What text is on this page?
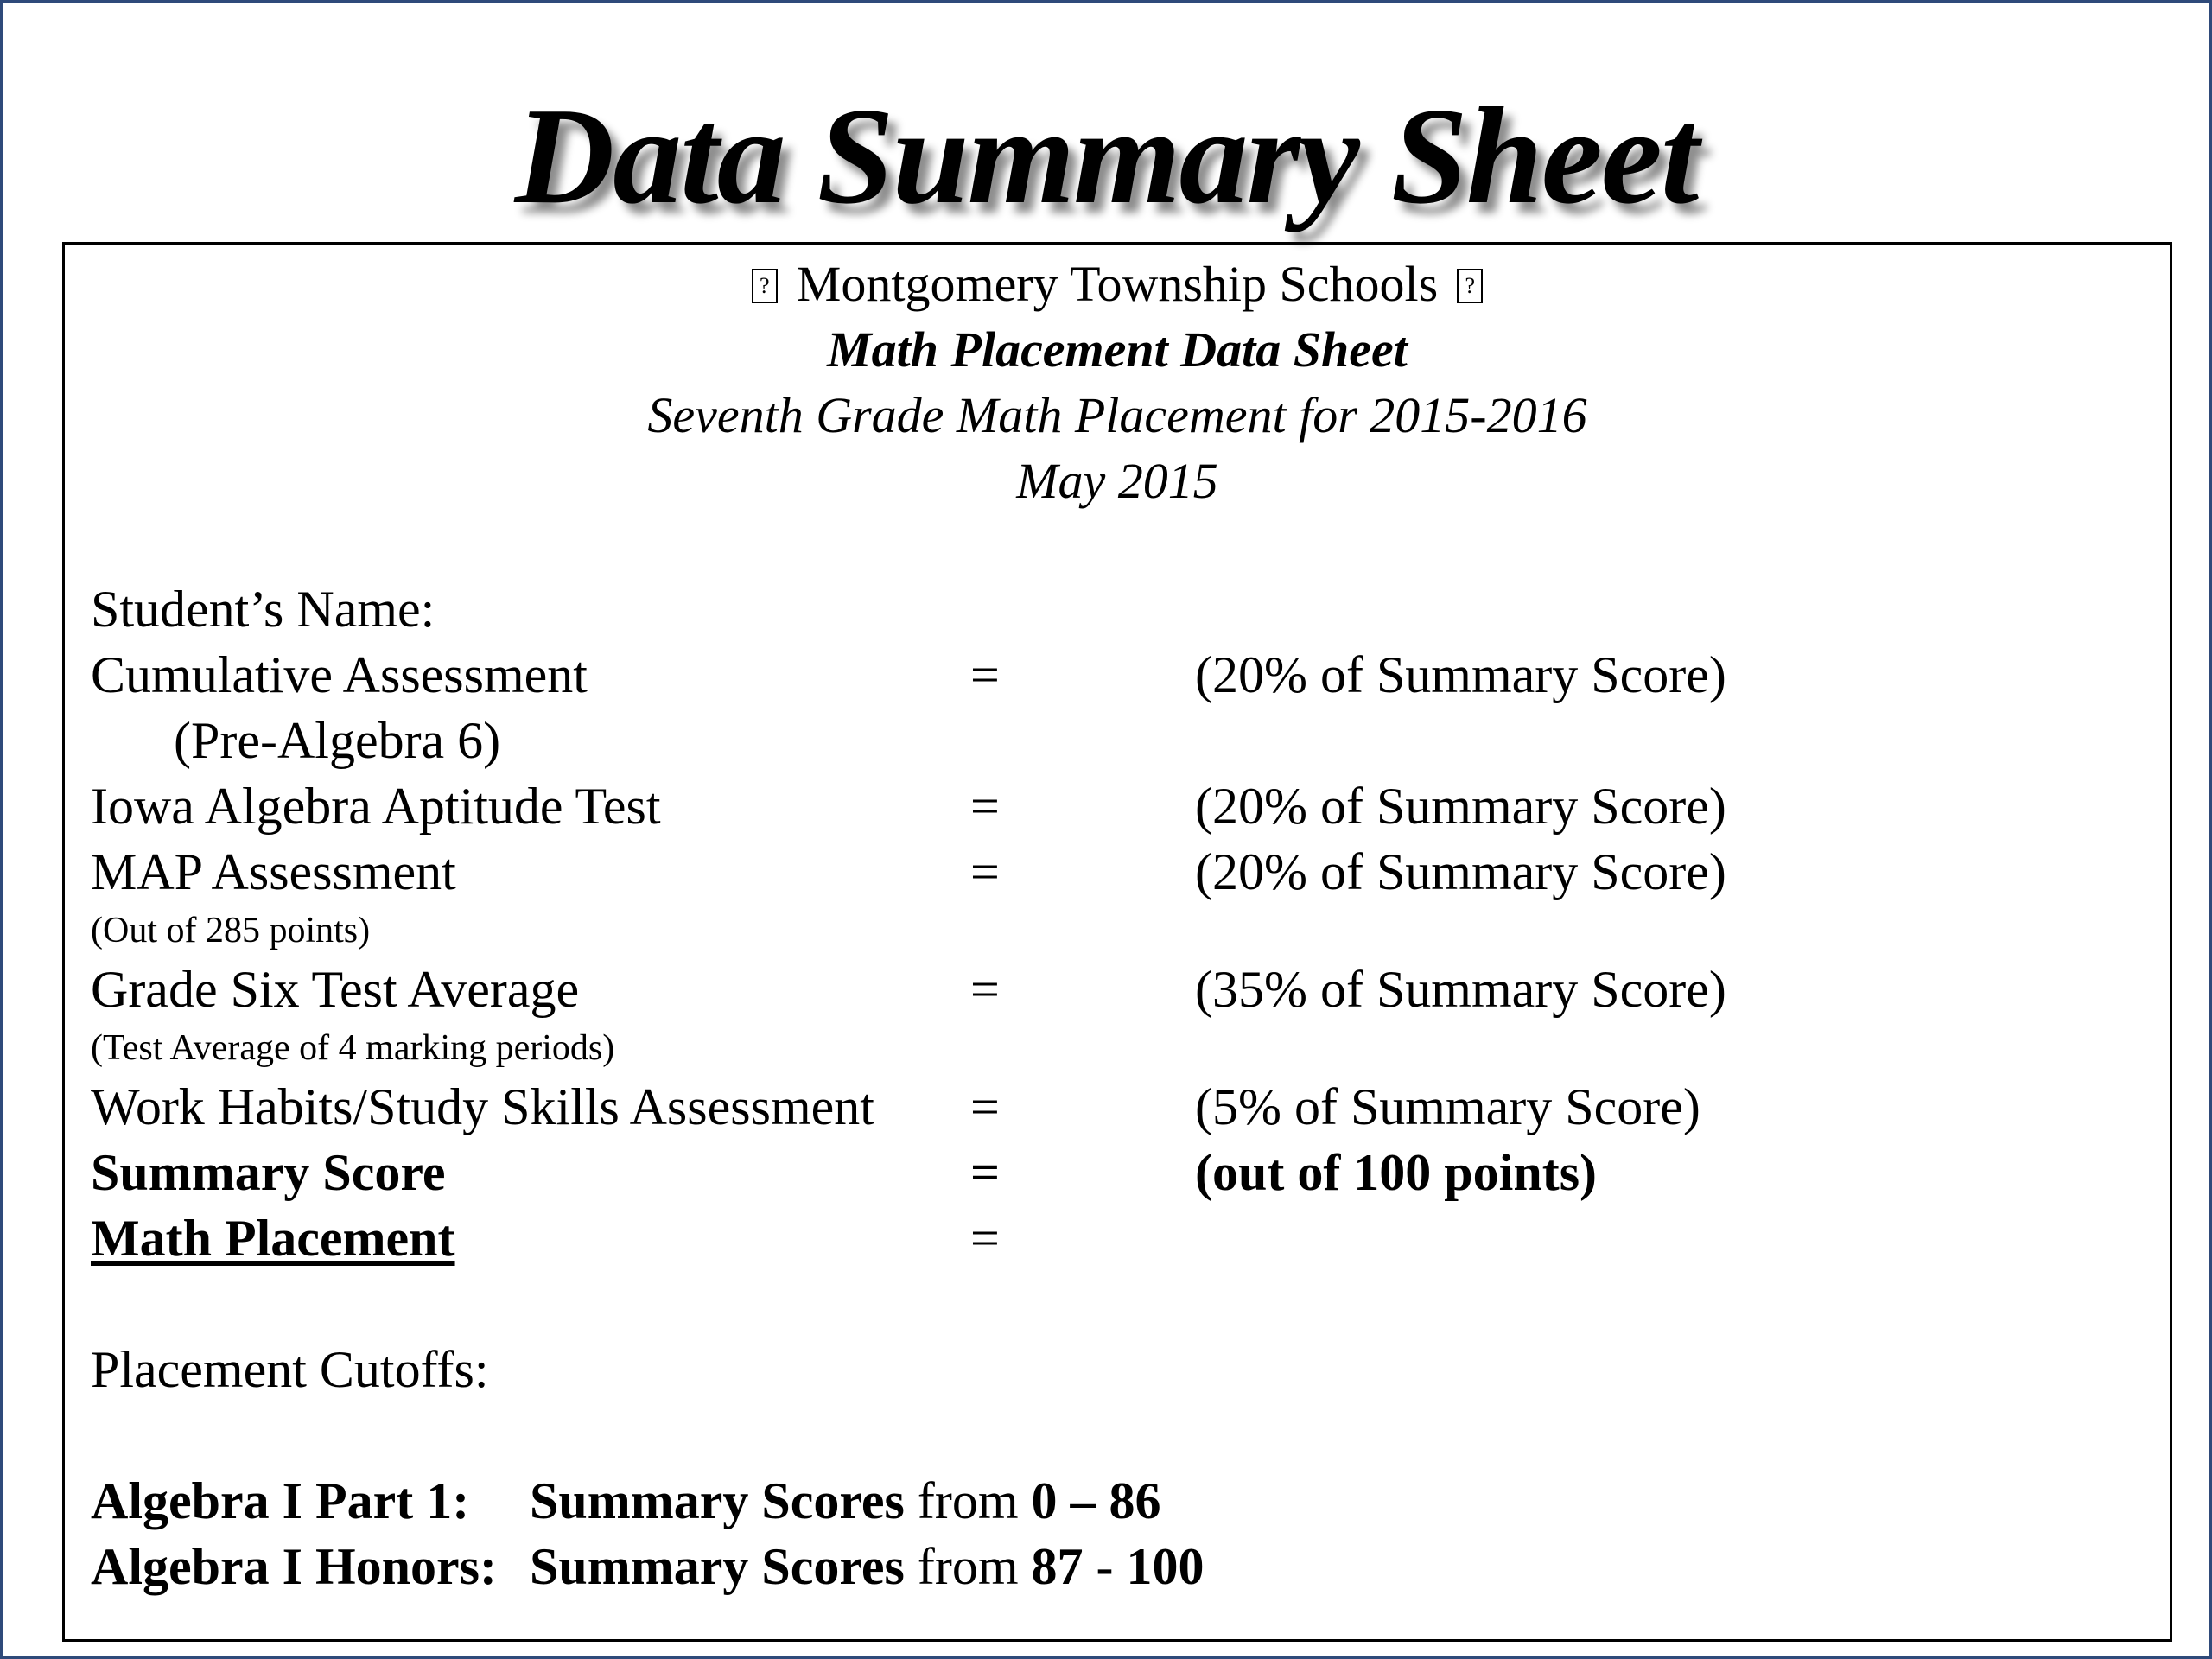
Data Summary Sheet
? Montgomery Township Schools ?
Math Placement Data Sheet
Seventh Grade Math Placement for 2015-2016
May 2015
Student’s Name:
Cumulative Assessment	=	(20% of Summary Score)
(Pre-Algebra 6)
Iowa Algebra Aptitude Test	=	(20% of Summary Score)
MAP Assessment	=	(20% of Summary Score)
(Out of 285 points)
Grade Six Test Average	=	(35% of Summary Score)
(Test Average of 4 marking periods)
Work Habits/Study Skills Assessment =	(5% of Summary Score)
Summary Score	=	(out of 100 points)
Math Placement	=
Placement Cutoffs:
Algebra I Part 1: Summary Scores from 0 – 86
Algebra I Honors: Summary Scores from 87 - 100
